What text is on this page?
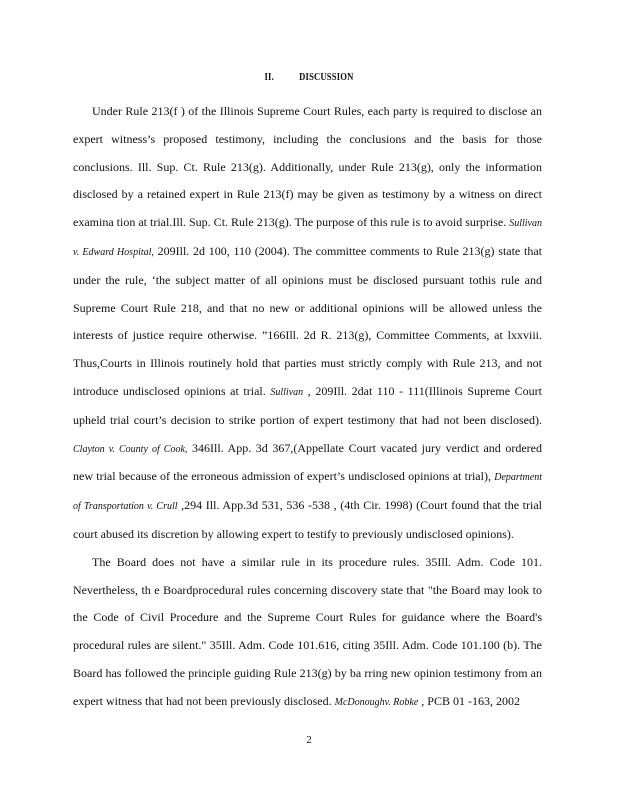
II. DISCUSSION

Under Rule 213(f ) of the Illinois Supreme Court Rules, each party is required to disclose an expert witness’s proposed testimony, including the conclusions and the basis for those conclusions. Ill. Sup. Ct. Rule 213(g). Additionally, under Rule 213(g), only the information disclosed by a retained expert in Rule 213(f) may be given as testimony by a witness on direct examina tion at trial.Ill. Sup. Ct. Rule 213(g). The purpose of this rule is to avoid surprise. Sullivan v. Edward Hospital, 209Ill. 2d 100, 110 (2004). The committee comments to Rule 213(g) state that under the rule, ‘the subject matter of all opinions must be disclosed pursuant tothis rule and Supreme Court Rule 218, and that no new or additional opinions will be allowed unless the interests of justice require otherwise. ”166Ill. 2d R. 213(g), Committee Comments, at lxxviii. Thus,Courts in Illinois routinely hold that parties must strictly comply with Rule 213, and not introduce undisclosed opinions at trial. Sullivan , 209Ill. 2dat 110 - 111(Illinois Supreme Court upheld trial court’s decision to strike portion of expert testimony that had not been disclosed). Clayton v. County of Cook, 346Ill. App. 3d 367,(Appellate Court vacated jury verdict and ordered new trial because of the erroneous admission of expert’s undisclosed opinions at trial), Department of Transportation v. Crull ,294 Ill. App.3d 531, 536 -538 , (4th Cir. 1998) (Court found that the trial court abused its discretion by allowing expert to testify to previously undisclosed opinions).

The Board does not have a similar rule in its procedure rules. 35Ill. Adm. Code 101. Nevertheless, th e Boardprocedural rules concerning discovery state that "the Board may look to the Code of Civil Procedure and the Supreme Court Rules for guidance where the Board's procedural rules are silent." 35Ill. Adm. Code 101.616, citing 35Ill. Adm. Code 101.100 (b). The Board has followed the principle guiding Rule 213(g) by ba rring new opinion testimony from an expert witness that had not been previously disclosed. McDonoughv. Robke , PCB 01 -163, 2002

2
